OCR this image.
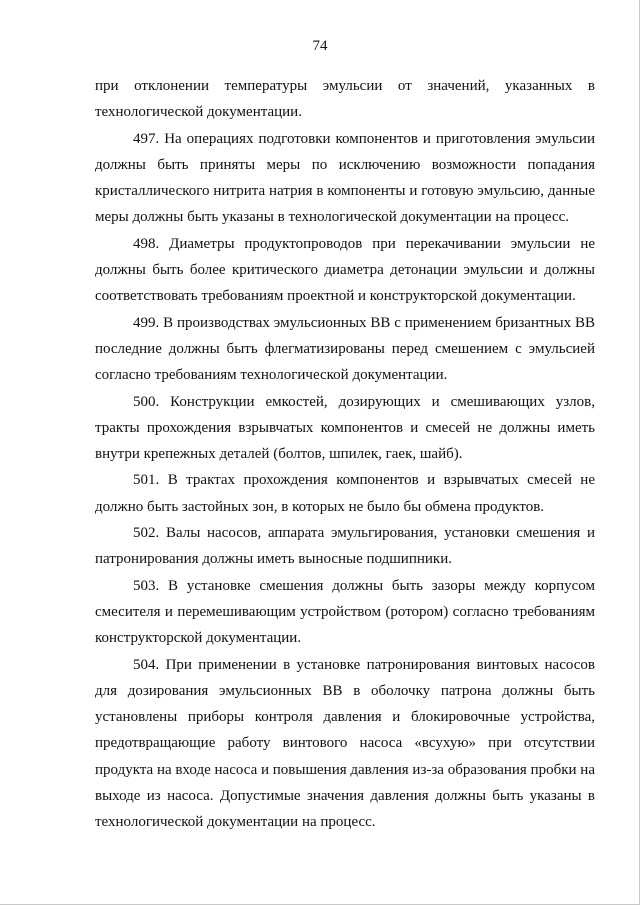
74

при отклонении температуры эмульсии от значений, указанных в технологической документации.

497. На операциях подготовки компонентов и приготовления эмульсии должны быть приняты меры по исключению возможности попадания кристаллического нитрита натрия в компоненты и готовую эмульсию, данные меры должны быть указаны в технологической документации на процесс.

498. Диаметры продуктопроводов при перекачивании эмульсии не должны быть более критического диаметра детонации эмульсии и должны соответствовать требованиям проектной и конструкторской документации.

499. В производствах эмульсионных ВВ с применением бризантных ВВ последние должны быть флегматизированы перед смешением с эмульсией согласно требованиям технологической документации.

500. Конструкции емкостей, дозирующих и смешивающих узлов, тракты прохождения взрывчатых компонентов и смесей не должны иметь внутри крепежных деталей (болтов, шпилек, гаек, шайб).

501. В трактах прохождения компонентов и взрывчатых смесей не должно быть застойных зон, в которых не было бы обмена продуктов.

502. Валы насосов, аппарата эмульгирования, установки смешения и патронирования должны иметь выносные подшипники.

503. В установке смешения должны быть зазоры между корпусом смесителя и перемешивающим устройством (ротором) согласно требованиям конструкторской документации.

504. При применении в установке патронирования винтовых насосов для дозирования эмульсионных ВВ в оболочку патрона должны быть установлены приборы контроля давления и блокировочные устройства, предотвращающие работу винтового насоса «всухую» при отсутствии продукта на входе насоса и повышения давления из-за образования пробки на выходе из насоса. Допустимые значения давления должны быть указаны в технологической документации на процесс.
